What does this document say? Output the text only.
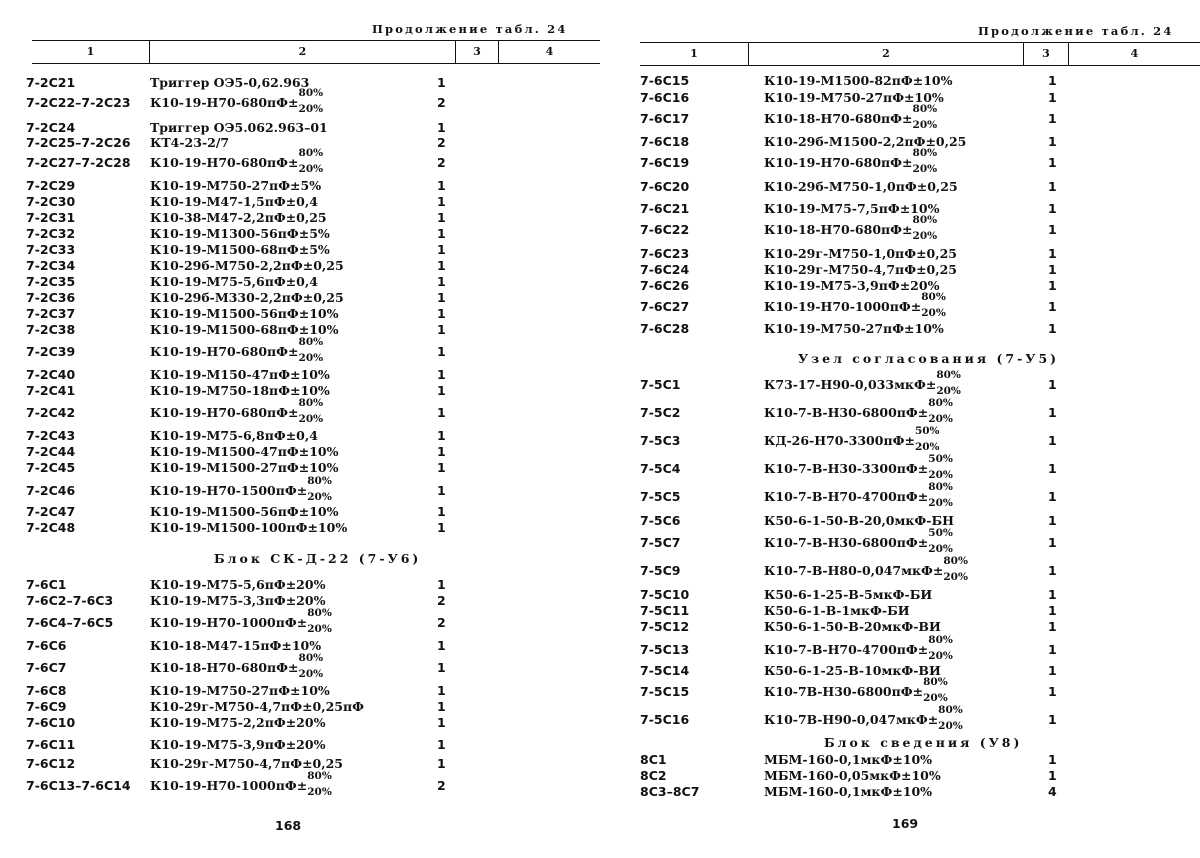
Продолжение табл. 24
1	2	3	4
7-2С21	Триггер ОЭ5-0,62.963	1
7-2С22–7-2С23 К10-19-Н70-680пФ±
80%
$_{20\%}$	2
7-2С24	Триггер ОЭ5.062.963–01	1
7-2С25–7-2С26 КТ4-23-2/7	2
7-2С27–7-2С28 К10-19-Н70-680пФ±
80%
$_{20\%}$	2
7-2С29	К10-19-М750-27пФ±5%	1
7-2С30	К10-19-М47-1,5пФ±0,4	1
7-2С31	К10-38-М47-2,2пФ±0,25	1
7-2С32	К10-19-М1300-56пФ±5%	1
7-2С33	К10-19-М1500-68пФ±5%	1
7-2С34	К10-29б-М750-2,2пФ±0,25	1
7-2С35	К10-19-М75-5,6пФ±0,4	1
7-2С36	К10-29б-М330-2,2пФ±0,25	1
7-2С37	К10-19-М1500-56пФ±10%	1
7-2С38	К10-19-М1500-68пФ±10%	1
7-2С39	К10-19-Н70-680пФ±
80%
$_{20\%}$	1
7-2С40	К10-19-М150-47пФ±10%	1
7-2С41	К10-19-М750-18пФ±10%	1
7-2С42	К10-19-Н70-680пФ±
80%
$_{20\%}$	1
7-2С43	К10-19-М75-6,8пФ±0,4	1
7-2С44	К10-19-М1500-47пФ±10%	1
7-2С45	К10-19-М1500-27пФ±10%	1
7-2С46	К10-19-Н70-1500пФ±
80%
$_{20\%}$	1
7-2С47	К10-19-М1500-56пФ±10%	1
7-2С48	К10-19-М1500-100пФ±10%	1
Блок СК-Д-22 (7-У6)
7-6С1	К10-19-М75-5,6пФ±20%	1
7-6С2–7-6С3	К10-19-М75-3,3пФ±20%	2
7-6С4–7-6С5	К10-19-Н70-1000пФ±
80%
$_{20\%}$	2
7-6С6	К10-18-М47-15пФ±10%	1
7-6С7	К10-18-Н70-680пФ±
80%
$_{20\%}$	1
7-6С8	К10-19-М750-27пФ±10%	1
7-6С9	К10-29г-М750-4,7пФ±0,25пФ	1
7-6С10	К10-19-М75-2,2пФ±20%	1
7-6С11	К10-19-М75-3,9пФ±20%	1
7-6С12	К10-29г-М750-4,7пФ±0,25	1
7-6С13–7-6С14 К10-19-Н70-1000пФ±
80%
$_{20\%}$	2
168
Продолжение табл. 24
1	2	3	4
7-6С15	К10-19-М1500-82пФ±10%	1
7-6С16	К10-19-М750-27пФ±10%	1
7-6С17	К10-18-Н70-680пФ±
80%
$_{20\%}$	1
7-6С18	К10-29б-М1500-2,2пФ±0,25	1
7-6С19	К10-19-Н70-680пФ±
80%
$_{20\%}$	1
7-6С20	К10-29б-М750-1,0пФ±0,25	1
7-6С21	К10-19-М75-7,5пФ±10%	1
7-6С22	К10-18-Н70-680пФ±
80%
$_{20\%}$	1
7-6С23	К10-29г-М750-1,0пФ±0,25	1
7-6С24	К10-29г-М750-4,7пФ±0,25	1
7-6С26	К10-19-М75-3,9пФ±20%	1
7-6С27	К10-19-Н70-1000пФ±
80%
$_{20\%}$	1
7-6С28	К10-19-М750-27пФ±10%	1
Узел согласования (7-У5)
7-5С1	К73-17-Н90-0,033мкФ±
80%
$_{20\%}$	1
7-5С2	К10-7-В-Н30-6800пФ±
80%
$_{20\%}$	1
7-5С3	КД-26-Н70-3300пФ±
50%
$_{20\%}$	1
7-5С4	К10-7-В-Н30-3300пФ±
50%
$_{20\%}$	1
7-5С5	К10-7-В-Н70-4700пФ±
80%
$_{20\%}$	1
7-5С6	К50-6-1-50-В-20,0мкФ-БН	1
7-5С7	К10-7-В-Н30-6800пФ±
50%
$_{20\%}$	1
7-5С9	К10-7-В-Н80-0,047мкФ±
80%
$_{20\%}$	1
7-5С10	К50-6-1-25-В-5мкФ-БИ	1
7-5С11	К50-6-1-В-1мкФ-БИ	1
7-5С12	К50-6-1-50-В-20мкФ-ВИ	1
7-5С13	К10-7-В-Н70-4700пФ±
80%
$_{20\%}$	1
7-5С14	К50-6-1-25-В-10мкФ-ВИ	1
7-5С15	К10-7В-Н30-6800пФ±
80%
$_{20\%}$	1
7-5С16	К10-7В-Н90-0,047мкФ±
80%
$_{20\%}$	1
Блок сведения (У8)
8С1	МБМ-160-0,1мкФ±10%	1
8С2	МБМ-160-0,05мкФ±10%	1
8С3–8С7	МБМ-160-0,1мкФ±10%	4
169
